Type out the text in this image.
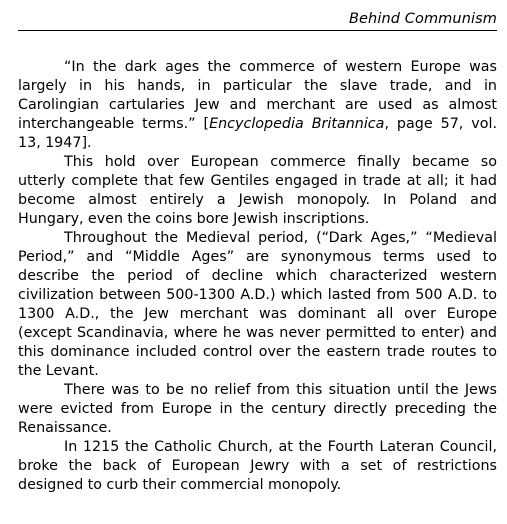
Behind Communism

“In the dark ages the commerce of western Europe was largely in his hands, in particular the slave trade, and in Carolingian cartularies Jew and merchant are used as almost interchangeable terms.” [Encyclopedia Britannica, page 57, vol. 13, 1947].

This hold over European commerce finally became so utterly complete that few Gentiles engaged in trade at all; it had become almost entirely a Jewish monopoly. In Poland and Hungary, even the coins bore Jewish inscriptions.

Throughout the Medieval period, (“Dark Ages,” “Medieval Period,” and “Middle Ages” are synonymous terms used to describe the period of decline which characterized western civilization between 500-1300 A.D.) which lasted from 500 A.D. to 1300 A.D., the Jew merchant was dominant all over Europe (except Scandinavia, where he was never permitted to enter) and this dominance included control over the eastern trade routes to the Levant.

There was to be no relief from this situation until the Jews were evicted from Europe in the century directly preceding the Renaissance.

In 1215 the Catholic Church, at the Fourth Lateran Council, broke the back of European Jewry with a set of restrictions designed to curb their commercial monopoly.
